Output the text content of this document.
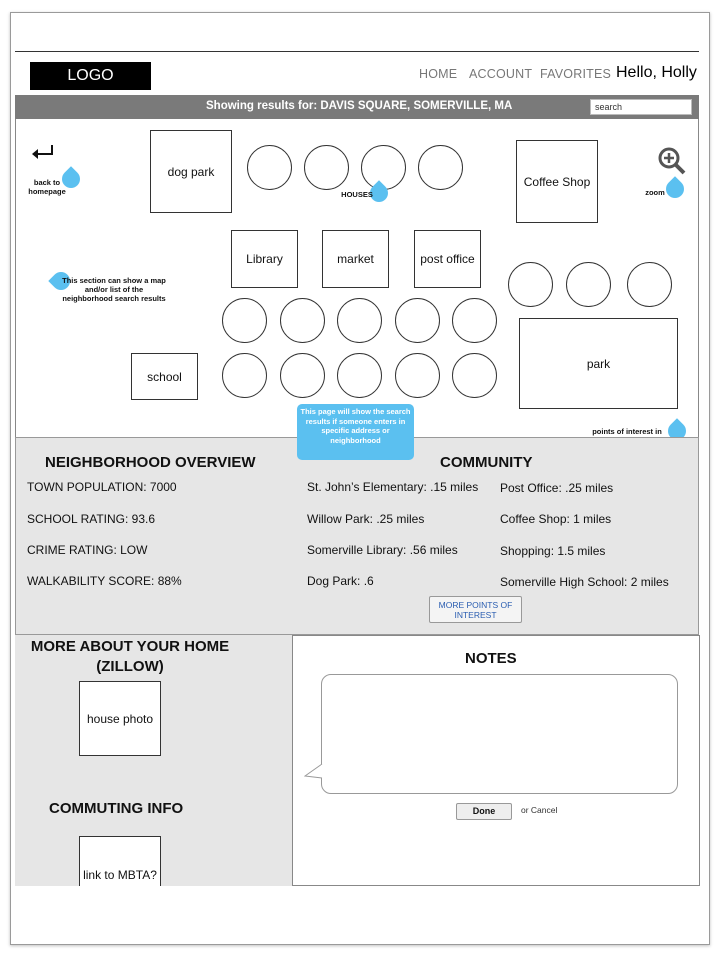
LOGO	HOME ACCOUNT FAVORITES Hello, Holly
Showing results for: DAVIS SQUARE, SOMERVILLE, MA	search
back to homepage
dog park
HOUSES
Coffee Shop
zoom
Library	market	post office
This section can show a map and/or list of the neighborhood search results
school
park
points of interest in
NEIGHBORHOOD OVERVIEW
TOWN POPULATION: 7000
SCHOOL RATING: 93.6
CRIME RATING: LOW
WALKABILITY SCORE: 88%
COMMUNITY
St. John’s Elementary: .15 miles
Willow Park: .25 miles
Somerville Library: .56 miles
Dog Park: .6
Post Office: .25 miles
Coffee Shop: 1 miles
Shopping: 1.5 miles
Somerville High School: 2 miles
MORE POINTS OF INTEREST
This page will show the search results if someone enters in specific address or neighborhood
MORE ABOUT YOUR HOME (ZILLOW)
house photo
COMMUTING INFO
link to MBTA?
NOTES
Done	or Cancel
